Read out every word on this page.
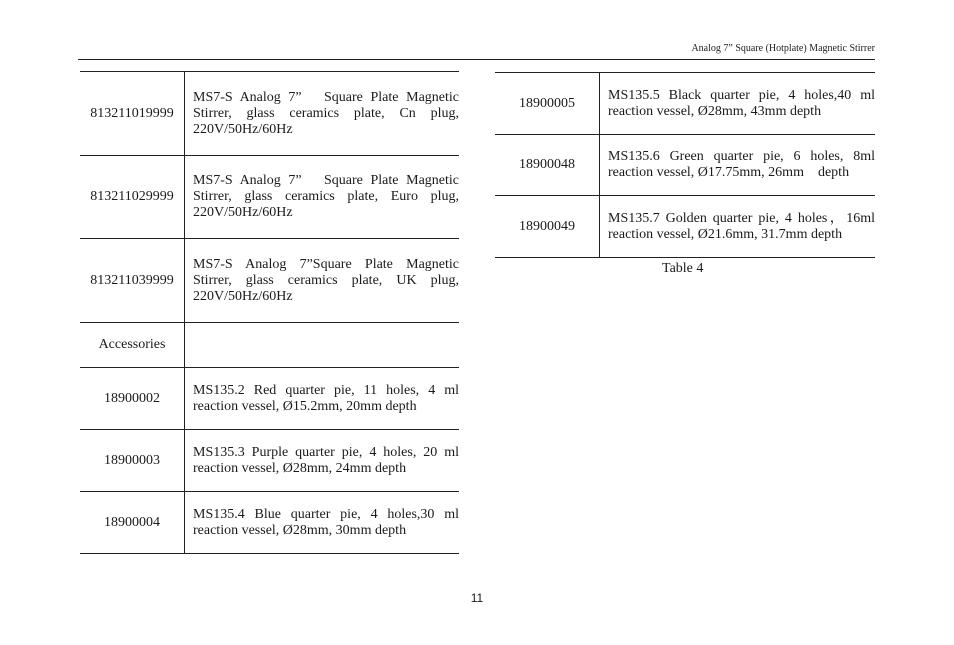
Analog 7” Square (Hotplate) Magnetic Stirrer
813211019999	MS7-S Analog 7”　Square Plate Magnetic Stirrer, glass ceramics plate, Cn plug, 220V/50Hz/60Hz
813211029999	MS7-S Analog 7”　Square Plate Magnetic Stirrer, glass ceramics plate, Euro plug, 220V/50Hz/60Hz
813211039999	MS7-S Analog 7”Square Plate Magnetic Stirrer, glass ceramics plate, UK plug, 220V/50Hz/60Hz
Accessories	
18900002	MS135.2 Red quarter pie, 11 holes, 4 ml reaction vessel, Ø15.2mm, 20mm depth
18900003	MS135.3 Purple quarter pie, 4 holes, 20 ml reaction vessel, Ø28mm, 24mm depth
18900004	MS135.4 Blue quarter pie, 4 holes,30 ml reaction vessel, Ø28mm, 30mm depth
18900005	MS135.5 Black quarter pie, 4 holes,40 ml reaction vessel, Ø28mm, 43mm depth
18900048	MS135.6 Green quarter pie, 6 holes, 8ml reaction vessel, Ø17.75mm, 26mm　depth
18900049	MS135.7 Golden quarter pie, 4 holes，16ml reaction vessel, Ø21.6mm, 31.7mm depth
Table 4
11
